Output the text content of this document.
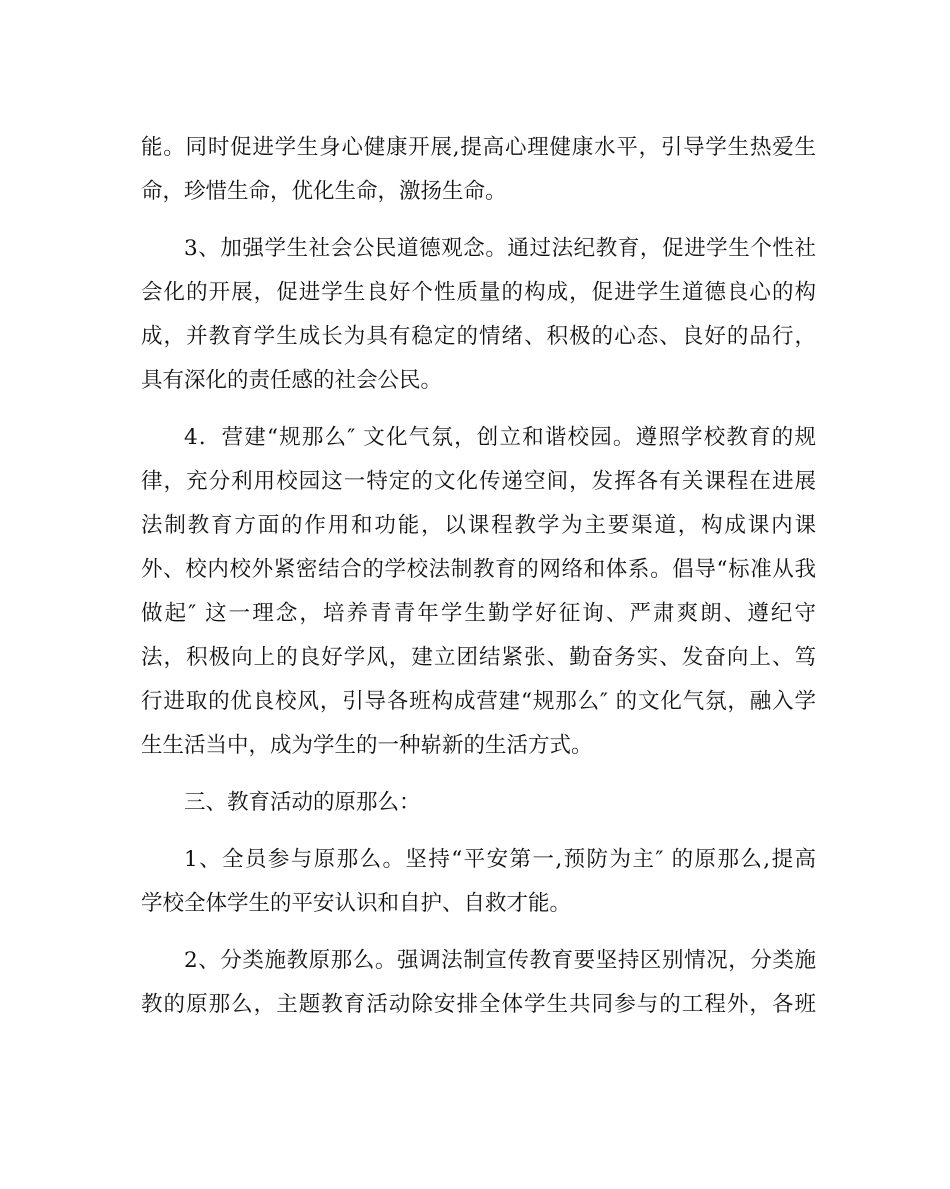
能。同时促进学生身心健康开展,提高心理健康水平，引导学生热爱生
命，珍惜生命，优化生命，激扬生命。
3、加强学生社会公民道德观念。通过法纪教育，促进学生个性社
会化的开展，促进学生良好个性质量的构成，促进学生道德良心的构
成，并教育学生成长为具有稳定的情绪、积极的心态、良好的品行，
具有深化的责任感的社会公民。
4．营建“规那么″ 文化气氛，创立和谐校园。遵照学校教育的规
律，充分利用校园这一特定的文化传递空间，发挥各有关课程在进展
法制教育方面的作用和功能，以课程教学为主要渠道，构成课内课
外、校内校外紧密结合的学校法制教育的网络和体系。倡导“标准从我
做起″ 这一理念，培养青青年学生勤学好征询、严肃爽朗、遵纪守
法，积极向上的良好学风，建立团结紧张、勤奋务实、发奋向上、笃
行进取的优良校风，引导各班构成营建“规那么″ 的文化气氛，融入学
生生活当中，成为学生的一种崭新的生活方式。
三、教育活动的原那么：
1、全员参与原那么。坚持“平安第一,预防为主″ 的原那么,提高
学校全体学生的平安认识和自护、自救才能。
2、分类施教原那么。强调法制宣传教育要坚持区别情况，分类施
教的原那么，主题教育活动除安排全体学生共同参与的工程外，各班
